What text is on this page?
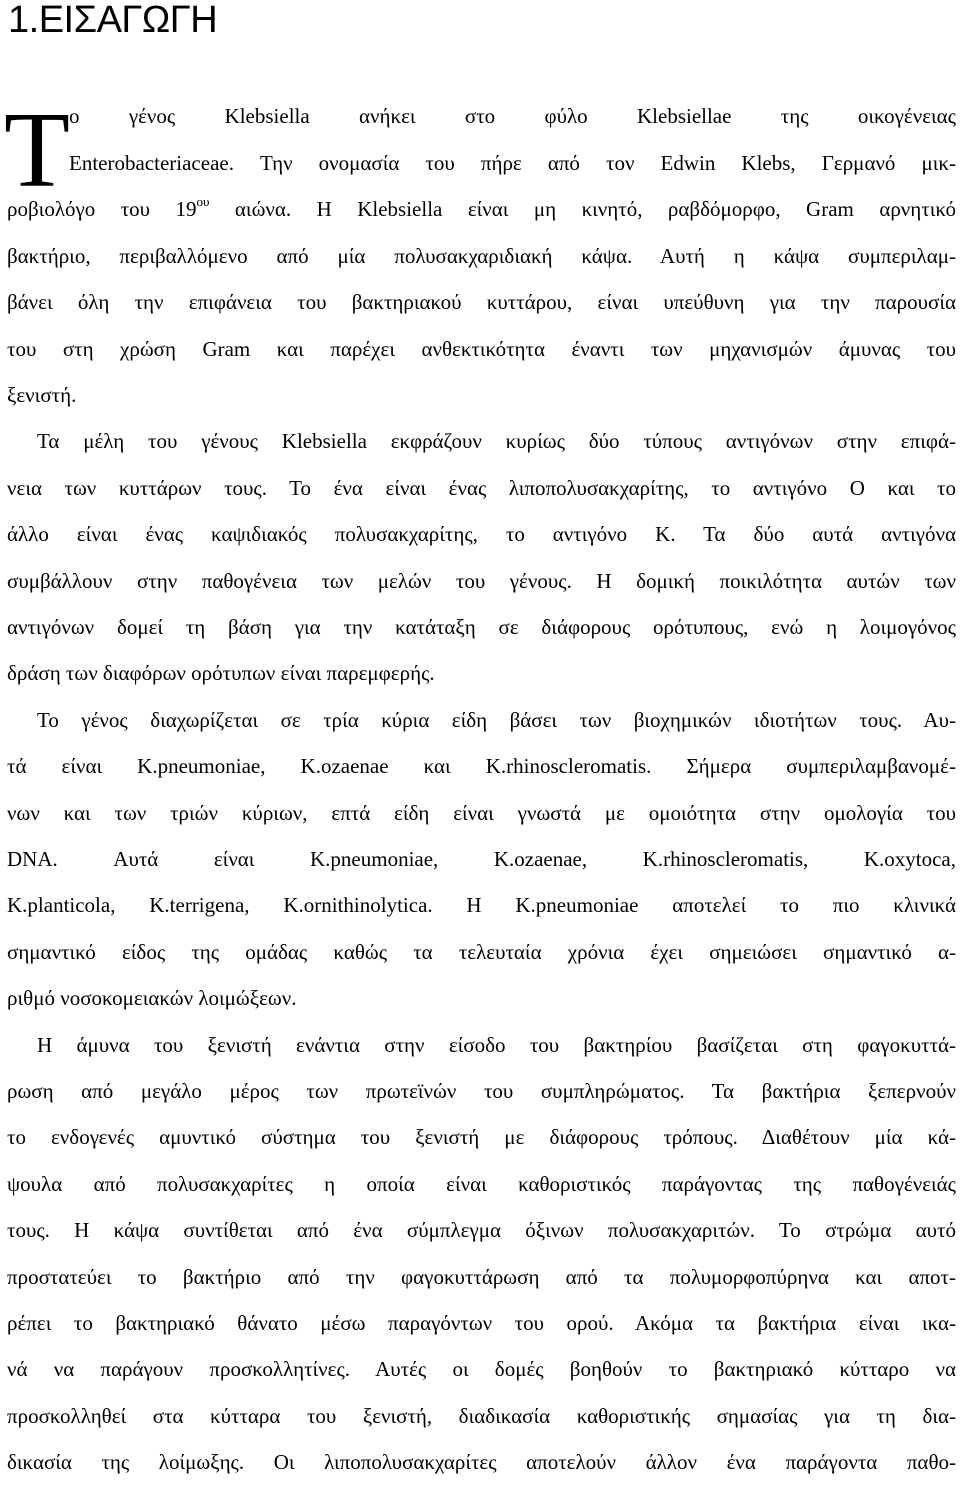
1.ΕΙΣΑΓΩΓΗ
Τ ο γένος Klebsiella ανήκει στο φύλο Klebsiellae της οικογένειας
Enterobacteriaceae. Την ονομασία του πήρε από τον Edwin Klebs, Γερμανό μικ-
ροβιολόγο του $19^{o\upsilon}$ αιώνα. Η Klebsiella είναι μη κινητό, ραβδόμορφο, Gram αρνητικό
βακτήριο, περιβαλλόμενο από μία πολυσακχαριδιακή κάψα. Αυτή η κάψα συμπεριλαμ-
βάνει όλη την επιφάνεια του βακτηριακού κυττάρου, είναι υπεύθυνη για την παρουσία
του στη χρώση Gram και παρέχει ανθεκτικότητα έναντι των μηχανισμών άμυνας του
ξενιστή.
Τα μέλη του γένους Klebsiella εκφράζουν κυρίως δύο τύπους αντιγόνων στην επιφά-
νεια των κυττάρων τους. Το ένα είναι ένας λιποπολυσακχαρίτης, το αντιγόνο Ο και το
άλλο είναι ένας καψιδιακός πολυσακχαρίτης, το αντιγόνο Κ. Τα δύο αυτά αντιγόνα
συμβάλλουν στην παθογένεια των μελών του γένους. Η δομική ποικιλότητα αυτών των
αντιγόνων δομεί τη βάση για την κατάταξη σε διάφορους ορότυπους, ενώ η λοιμογόνος
δράση των διαφόρων ορότυπων είναι παρεμφερής.
Το γένος διαχωρίζεται σε τρία κύρια είδη βάσει των βιοχημικών ιδιοτήτων τους. Αυ-
τά είναι K.pneumoniae, K.ozaenae και K.rhinoscleromatis. Σήμερα συμπεριλαμβανομέ-
νων και των τριών κύριων, επτά είδη είναι γνωστά με ομοιότητα στην ομολογία του
DNA. Αυτά είναι K.pneumoniae, K.ozaenae, K.rhinoscleromatis, K.oxytoca,
K.planticola, K.terrigena, K.ornithinolytica. Η K.pneumoniae αποτελεί το πιο κλινικά
σημαντικό είδος της ομάδας καθώς τα τελευταία χρόνια έχει σημειώσει σημαντικό α-
ριθμό νοσοκομειακών λοιμώξεων.
Η άμυνα του ξενιστή ενάντια στην είσοδο του βακτηρίου βασίζεται στη φαγοκυττά-
ρωση από μεγάλο μέρος των πρωτεϊνών του συμπληρώματος. Τα βακτήρια ξεπερνούν
το ενδογενές αμυντικό σύστημα του ξενιστή με διάφορους τρόπους. Διαθέτουν μία κά-
ψουλα από πολυσακχαρίτες η οποία είναι καθοριστικός παράγοντας της παθογένειάς
τους. Η κάψα συντίθεται από ένα σύμπλεγμα όξινων πολυσακχαριτών. Το στρώμα αυτό
προστατεύει το βακτήριο από την φαγοκυττάρωση από τα πολυμορφοπύρηνα και αποτ-
ρέπει το βακτηριακό θάνατο μέσω παραγόντων του ορού. Ακόμα τα βακτήρια είναι ικα-
νά να παράγουν προσκολλητίνες. Αυτές οι δομές βοηθούν το βακτηριακό κύτταρο να
προσκολληθεί στα κύτταρα του ξενιστή, διαδικασία καθοριστικής σημασίας για τη δια-
δικασία της λοίμωξης. Οι λιποπολυσακχαρίτες αποτελούν άλλον ένα παράγοντα παθο-
